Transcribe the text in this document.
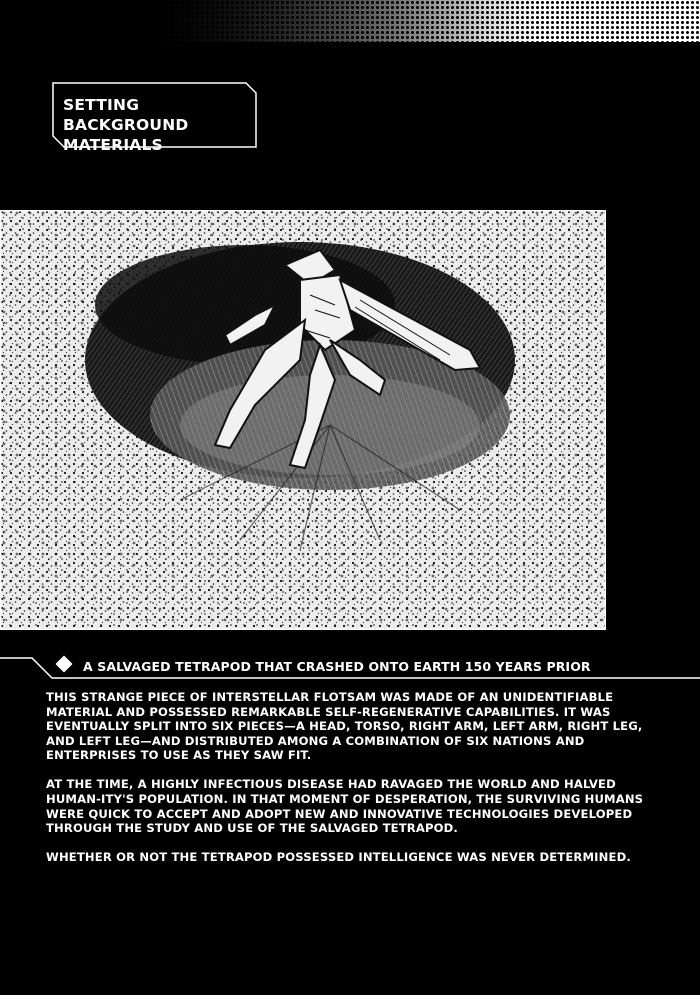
SETTING BACKGROUND
MATERIALS
A SALVAGED TETRAPOD THAT CRASHED ONTO EARTH 150 YEARS PRIOR

THIS STRANGE PIECE OF INTERSTELLAR FLOTSAM WAS MADE OF AN UNIDENTIFIABLE MATERIAL AND POSSESSED REMARKABLE SELF-REGENERATIVE CAPABILITIES. IT WAS EVENTUALLY SPLIT INTO SIX PIECES—A HEAD, TORSO, RIGHT ARM, LEFT ARM, RIGHT LEG, AND LEFT LEG—AND DISTRIBUTED AMONG A COMBINATION OF SIX NATIONS AND ENTERPRISES TO USE AS THEY SAW FIT.

AT THE TIME, A HIGHLY INFECTIOUS DISEASE HAD RAVAGED THE WORLD AND HALVED HUMAN-ITY'S POPULATION. IN THAT MOMENT OF DESPERATION, THE SURVIVING HUMANS WERE QUICK TO ACCEPT AND ADOPT NEW AND INNOVATIVE TECHNOLOGIES DEVELOPED THROUGH THE STUDY AND USE OF THE SALVAGED TETRAPOD.

WHETHER OR NOT THE TETRAPOD POSSESSED INTELLIGENCE WAS NEVER DETERMINED.
